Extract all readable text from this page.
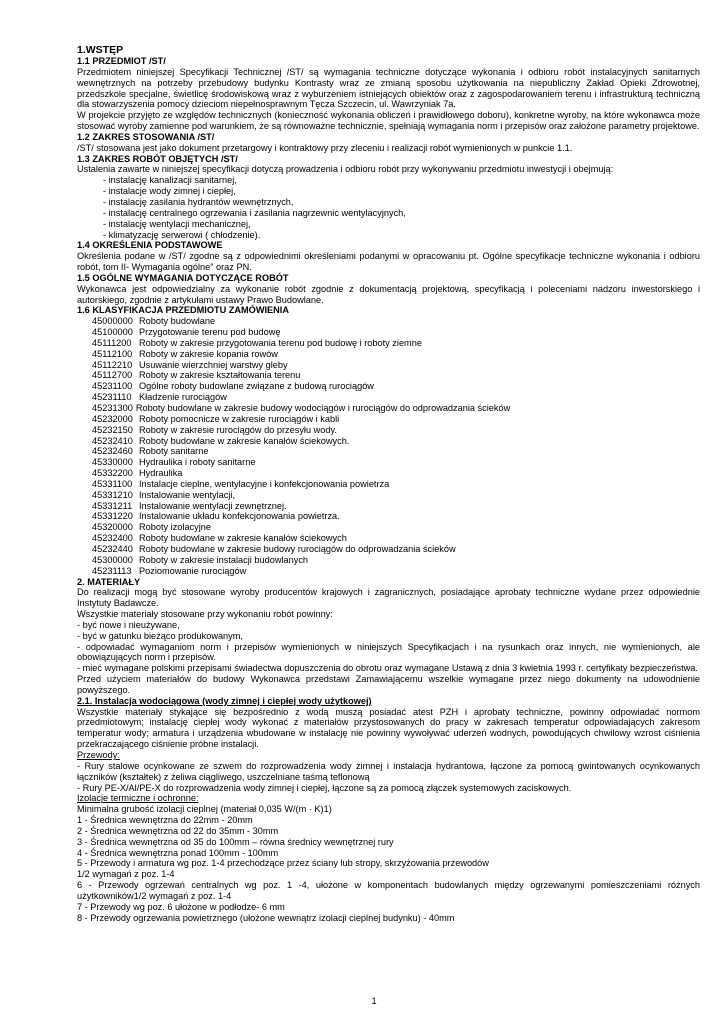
1.WSTĘP
1.1 PRZEDMIOT /ST/

Przedmiotem niniejszej Specyfikacji Technicznej /ST/ są wymagania techniczne dotyczące wykonania i odbioru robót instalacyjnych sanitarnych wewnętrznych na potrzeby przebudowy budynku Kontrasty wraz ze zmianą sposobu użytkowania na niepubliczny Zakład Opieki Zdrowotnej, przedszkole specjalne, świetlicę środowiskową wraz z wyburzeniem istniejących obiektów oraz z zagospodarowaniem terenu i infrastrukturą techniczną dla stowarzyszenia pomocy dzieciom niepełnosprawnym Tęcza Szczecin, ul. Wawrzyniak 7a.

W projekcie przyjęto ze względów technicznych (konieczność wykonania obliczeń i prawidłowego doboru), konkretne wyroby, na które wykonawca może stosować wyroby zamienne pod warunkiem, że są równoważne technicznie, spełniają wymagania norm i przepisów oraz założone parametry projektowe.

1.2 ZAKRES STOSOWANIA /ST/

/ST/ stosowana jest jako dokument przetargowy i kontraktowy przy zleceniu i realizacji robót wymienionych w punkcie 1.1.

1.3 ZAKRES ROBÓT OBJĘTYCH /ST/

Ustalenia zawarte w niniejszej specyfikacji dotyczą prowadzenia i odbioru robót przy wykonywaniu przedmiotu inwestycji i obejmują:

- instalację kanalizacji sanitarnej,
- instalacje wody zimnej i ciepłej,
- instalację zasilania hydrantów wewnętrznych,
- instalację centralnego ogrzewania i zasilania nagrzewnic wentylacyjnych,
- instalację wentylacji mechanicznej,
- klimatyzację serwerowi ( chłodzenie).
1.4 OKREŚLENIA PODSTAWOWE

Określenia podane w /ST/ zgodne są z odpowiednimi określeniami podanymi w opracowaniu pt. Ogólne specyfikacje techniczne wykonania i odbioru robót, tom II- Wymagania ogólne" oraz PN.

1.5 OGÓLNE WYMAGANIA DOTYCZĄCE ROBÓT

Wykonawca jest odpowiedzialny za wykonanie robót zgodnie z dokumentacją projektową, specyfikacją i poleceniami nadzoru inwestorskiego i autorskiego, zgodnie z artykułami ustawy Prawo Budowlane.

1.6 KLASYFIKACJA PRZEDMIOTU ZAMÓWIENIA
45000000 Roboty budowlane
45100000 Przygotowanie terenu pod budowę
45111200 Roboty w zakresie przygotowania terenu pod budowę i roboty ziemne
45112100 Roboty w zakresie kopania rowów
45112210 Usuwanie wierzchniej warstwy gleby
45112700 Roboty w zakresie kształtowania terenu
45231100 Ogólne roboty budowlane związane z budową rurociągów
45231110 Kładzenie rurociągów
45231300 Roboty budowlane w zakresie budowy wodociągów i rurociągów do odprowadzania ścieków
45232000 Roboty pomocnicze w zakresie rurociągów i kabli
45232150 Roboty w zakresie rurociągów do przesyłu wody.
45232410 Roboty budowlane w zakresie kanałów ściekowych.
45232460 Roboty sanitarne
45330000 Hydraulika i roboty sanitarne
45332200 Hydraulika
45331100 Instalacje cieplne, wentylacyjne i konfekcjonowania powietrza
45331210 Instalowanie wentylacji,
45331211 Instalowanie wentylacji zewnętrznej.
45331220 Instalowanie układu konfekcjonowania powietrza.
45320000 Roboty izolacyjne
45232400 Roboty budowlane w zakresie kanałów ściekowych
45232440 Roboty budowlane w zakresie budowy rurociągów do odprowadzania ścieków
45300000 Roboty w zakresie instalacji budowlanych
45231113 Poziomowanie rurociągów
2. MATERIAŁY

Do realizacji mogą być stosowane wyroby producentów krajowych i zagranicznych, posiadające aprobaty techniczne wydane przez odpowiednie Instytuty Badawcze.

Wszystkie materiały stosowane przy wykonaniu robót powinny:

- być nowe i nieużywane,

- być w gatunku bieżąco produkowanym,

- odpowiadać wymaganiom norm i przepisów wymienionych w niniejszych Specyfikacjach i na rysunkach oraz innych, nie wymienionych, ale obowiązujących norm i przepisów.

- mieć wymagane polskimi przepisami świadectwa dopuszczenia do obrotu oraz wymagane Ustawą z dnia 3 kwietnia 1993 r. certyfikaty bezpieczeństwa.

Przed użyciem materiałów do budowy Wykonawca przedstawi Zamawiającemu wszelkie wymagane przez niego dokumenty na udowodnienie powyższego.

2.1. Instalacja wodociągowa (wody zimnej i ciepłej wody użytkowej)

Wszystkie materiały stykające się bezpośrednio z wodą muszą posiadać atest PZH i aprobaty techniczne, powinny odpowiadać normom przedmiotowym; instalację ciepłej wody wykonać z materiałów przystosowanych do pracy w zakresach temperatur odpowiadających zakresom temperatur wody; armatura i urządzenia wbudowane w instalację nie powinny wywoływać uderzeń wodnych, powodujących chwilowy wzrost ciśnienia przekraczającego ciśnienie próbne instalacji.

Przewody:

- Rury stalowe ocynkowane ze szwem do rozprowadzenia wody zimnej i instalacja hydrantowa, łączone za pomocą gwintowanych ocynkowanych łączników (kształtek) z żeliwa ciągliwego, uszczelniane taśmą teflonową

- Rury PE-X/Al/PE-X do rozprowadzenia wody zimnej i ciepłej, łączone są za pomocą złączek systemowych zaciskowych.

Izolacje termiczne i ochronne:

Minimalna grubość izolacji cieplnej (materiał 0,035 W/(m · K)1)

1 - Średnica wewnętrzna do 22mm - 20mm

2 - Średnica wewnętrzna od 22 do 35mm - 30mm

3 - Średnica wewnętrzna od 35 do 100mm – równa średnicy wewnętrznej rury

4 - Średnica wewnętrzna ponad 100mm - 100mm

5 - Przewody i armatura wg poz. 1-4 przechodzące przez ściany lub stropy, skrzyżowania przewodów

1/2 wymagań z poz. 1-4

6 - Przewody ogrzewań centralnych wg poz. 1 -4, ułożone w komponentach budowlanych między ogrzewanymi pomieszczeniami różnych użytkowników1/2 wymagań z poz. 1-4

7 - Przewody wg poz. 6 ułożone w podłodze- 6 mm

8 - Przewody ogrzewania powietrznego (ułożone wewnątrz izolacji cieplnej budynku) - 40mm

1
